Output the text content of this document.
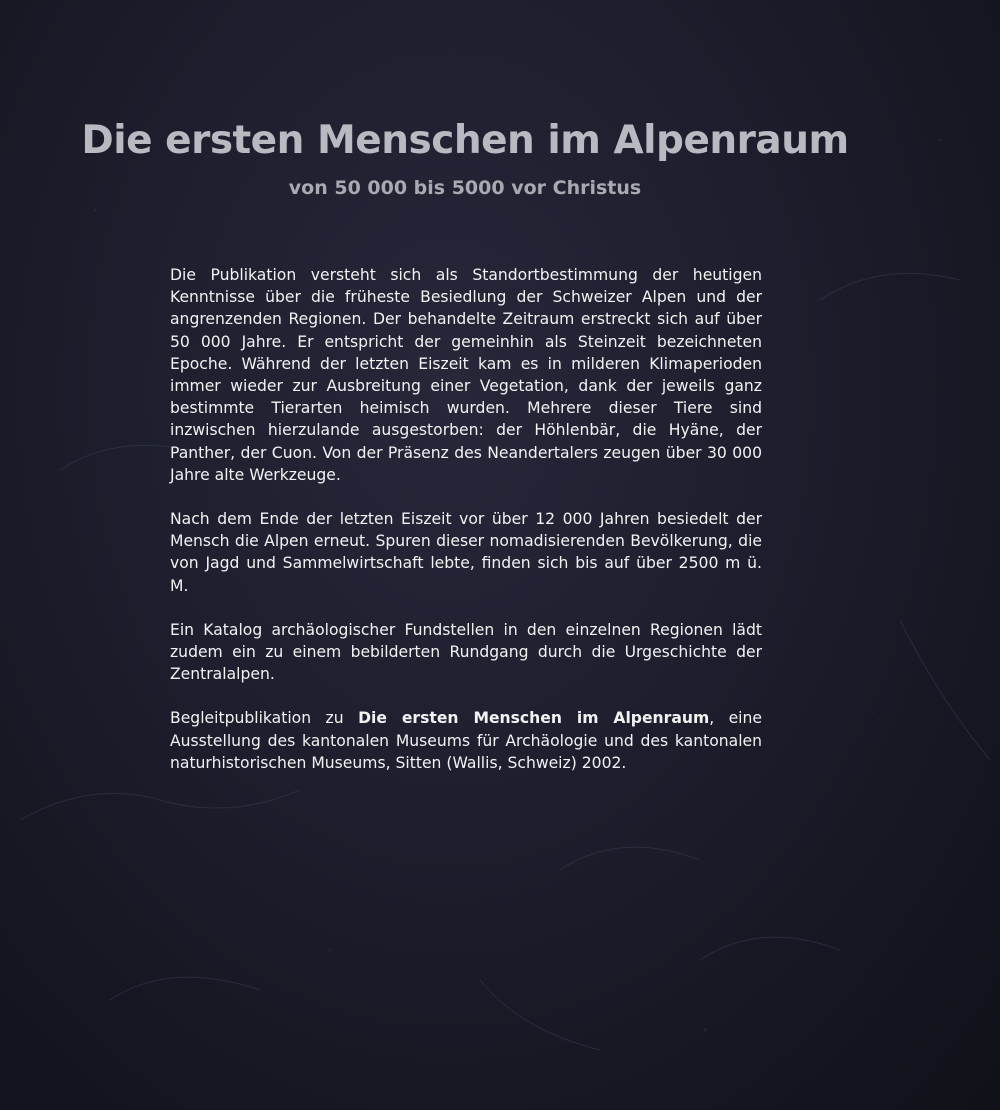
Die ersten Menschen im Alpenraum
von 50 000 bis 5000 vor Christus

Die Publikation versteht sich als Standortbestimmung der heutigen Kenntnisse über die früheste Besiedlung der Schweizer Alpen und der angrenzenden Regionen. Der behandelte Zeitraum erstreckt sich auf über 50 000 Jahre. Er entspricht der gemeinhin als Steinzeit bezeichneten Epoche. Während der letzten Eiszeit kam es in milderen Klimaperioden immer wieder zur Ausbreitung einer Vegetation, dank der jeweils ganz bestimmte Tierarten heimisch wurden. Mehrere dieser Tiere sind inzwischen hierzulande ausgestorben: der Höhlenbär, die Hyäne, der Panther, der Cuon. Von der Präsenz des Neandertalers zeugen über 30 000 Jahre alte Werkzeuge.

Nach dem Ende der letzten Eiszeit vor über 12 000 Jahren besiedelt der Mensch die Alpen erneut. Spuren dieser nomadisierenden Bevölkerung, die von Jagd und Sammelwirtschaft lebte, finden sich bis auf über 2500 m ü. M.

Ein Katalog archäologischer Fundstellen in den einzelnen Regionen lädt zudem ein zu einem bebilderten Rundgang durch die Urgeschichte der Zentralalpen.

Begleitpublikation zu Die ersten Menschen im Alpenraum, eine Ausstellung des kantonalen Museums für Archäologie und des kantonalen naturhistorischen Museums, Sitten (Wallis, Schweiz) 2002.
